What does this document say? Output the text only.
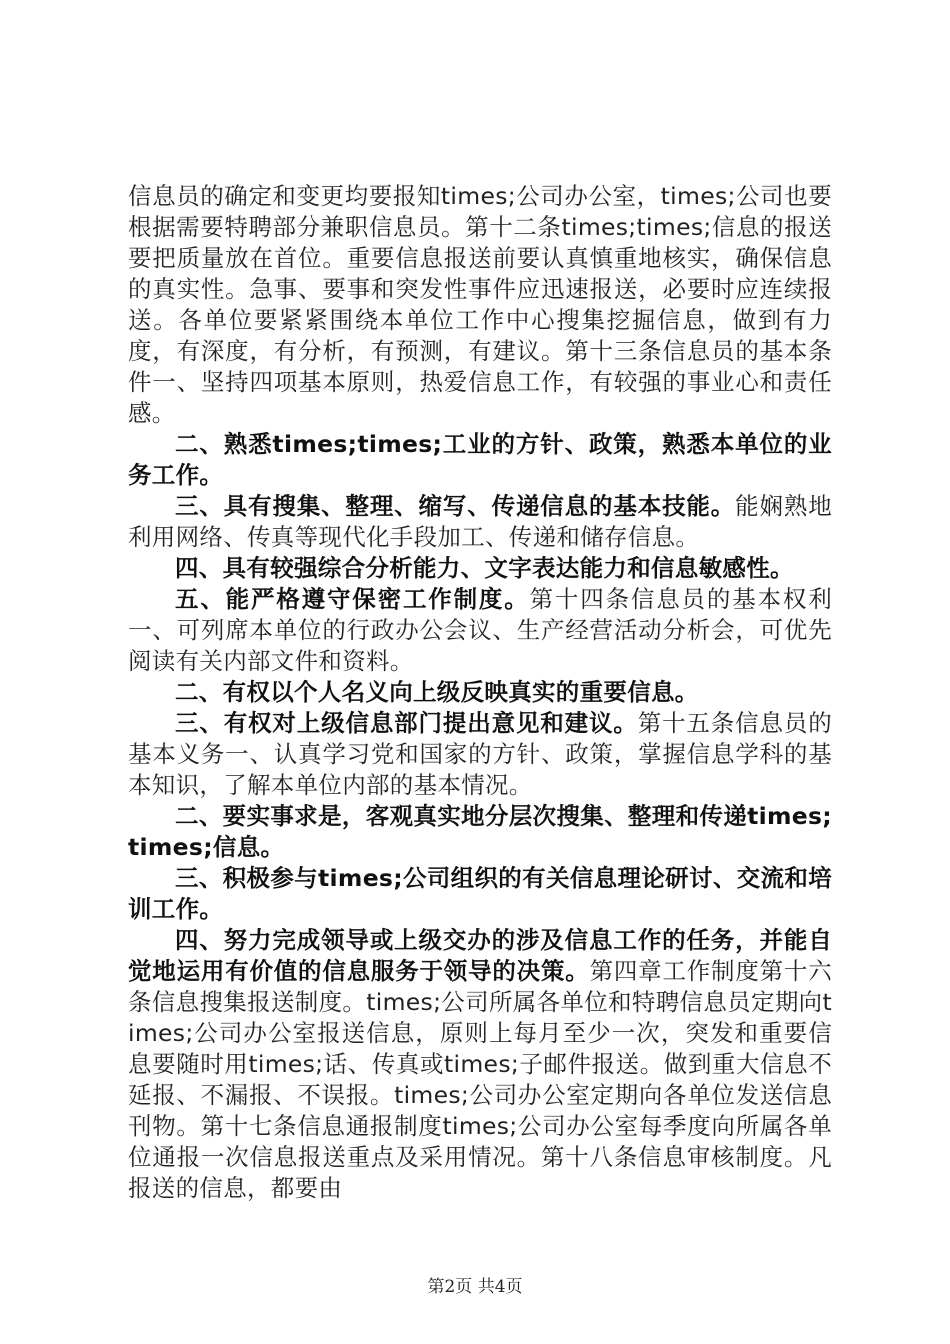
信息员的确定和变更均要报知times;公司办公室，times;公司也要根据需要特聘部分兼职信息员。第十二条times;times;信息的报送要把质量放在首位。重要信息报送前要认真慎重地核实，确保信息的真实性。急事、要事和突发性事件应迅速报送，必要时应连续报送。各单位要紧紧围绕本单位工作中心搜集挖掘信息，做到有力度，有深度，有分析，有预测，有建议。第十三条信息员的基本条件一、坚持四项基本原则，热爱信息工作，有较强的事业心和责任感。

二、熟悉times;times;工业的方针、政策，熟悉本单位的业务工作。

三、具有搜集、整理、缩写、传递信息的基本技能。能娴熟地利用网络、传真等现代化手段加工、传递和储存信息。

四、具有较强综合分析能力、文字表达能力和信息敏感性。

五、能严格遵守保密工作制度。第十四条信息员的基本权利一、可列席本单位的行政办公会议、生产经营活动分析会，可优先阅读有关内部文件和资料。

二、有权以个人名义向上级反映真实的重要信息。

三、有权对上级信息部门提出意见和建议。第十五条信息员的基本义务一、认真学习党和国家的方针、政策，掌握信息学科的基本知识，了解本单位内部的基本情况。

二、要实事求是，客观真实地分层次搜集、整理和传递times;times;信息。

三、积极参与times;公司组织的有关信息理论研讨、交流和培训工作。

四、努力完成领导或上级交办的涉及信息工作的任务，并能自觉地运用有价值的信息服务于领导的决策。第四章工作制度第十六条信息搜集报送制度。times;公司所属各单位和特聘信息员定期向times;公司办公室报送信息，原则上每月至少一次，突发和重要信息要随时用times;话、传真或times;子邮件报送。做到重大信息不延报、不漏报、不误报。times;公司办公室定期向各单位发送信息刊物。第十七条信息通报制度times;公司办公室每季度向所属各单位通报一次信息报送重点及采用情况。第十八条信息审核制度。凡报送的信息，都要由

第2页 共4页
